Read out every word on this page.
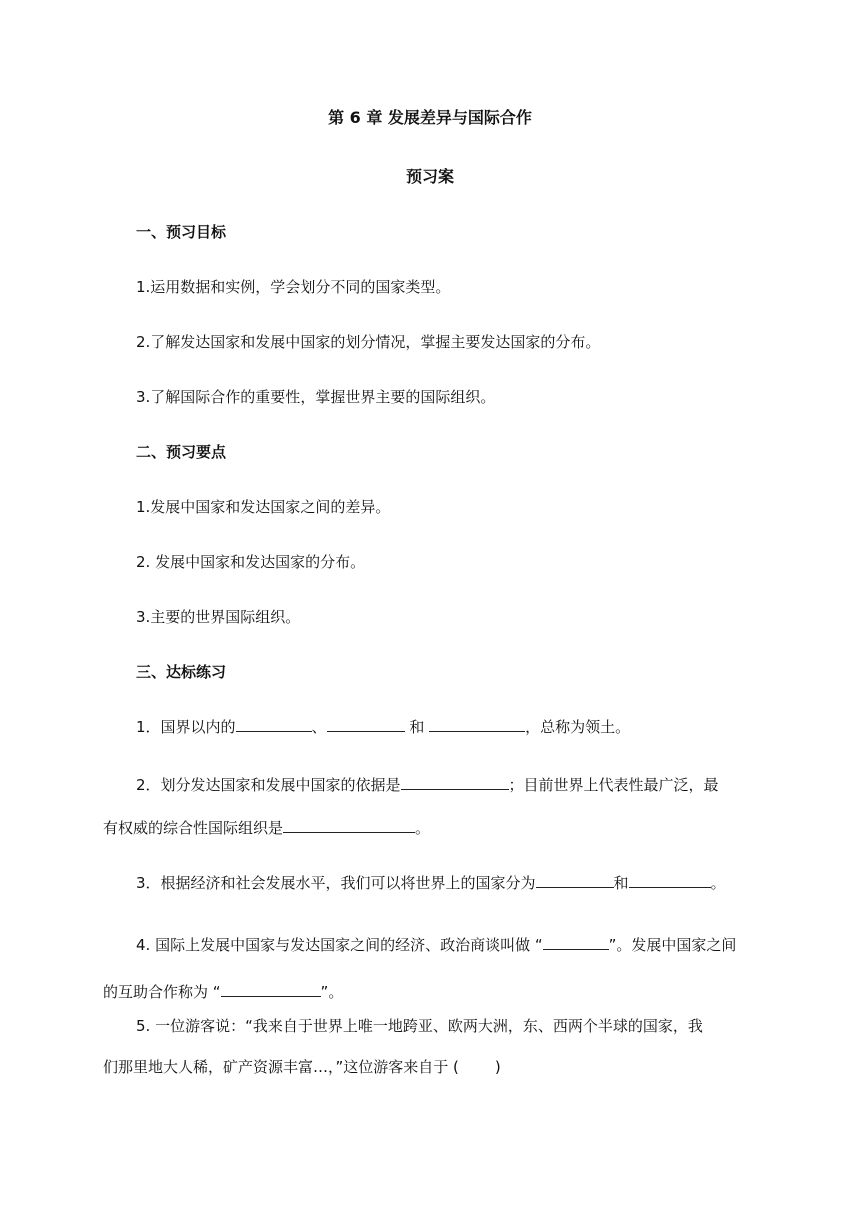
第 6 章 发展差异与国际合作
预习案
一、预习目标
1.运用数据和实例，学会划分不同的国家类型。
2.了解发达国家和发展中国家的划分情况，掌握主要发达国家的分布。
3.了解国际合作的重要性，掌握世界主要的国际组织。
二、预习要点
1.发展中国家和发达国家之间的差异。
2. 发展中国家和发达国家的分布。
3.主要的世界国际组织。
三、达标练习
1．国界以内的	、	和	，总称为领土。
2．划分发达国家和发展中国家的依据是	；目前世界上代表性最广泛，最
有权威的综合性国际组织是	。
3．根据经济和社会发展水平，我们可以将世界上的国家分为	和	。
4. 国际上发展中国家与发达国家之间的经济、政治商谈叫做 “	”。发展中国家之间
的互助合作称为 “	”。
5. 一位游客说：“我来自于世界上唯一地跨亚、欧两大洲，东、西两个半球的国家，我
们那里地大人稀，矿产资源丰富…，”这位游客来自于 ( )
